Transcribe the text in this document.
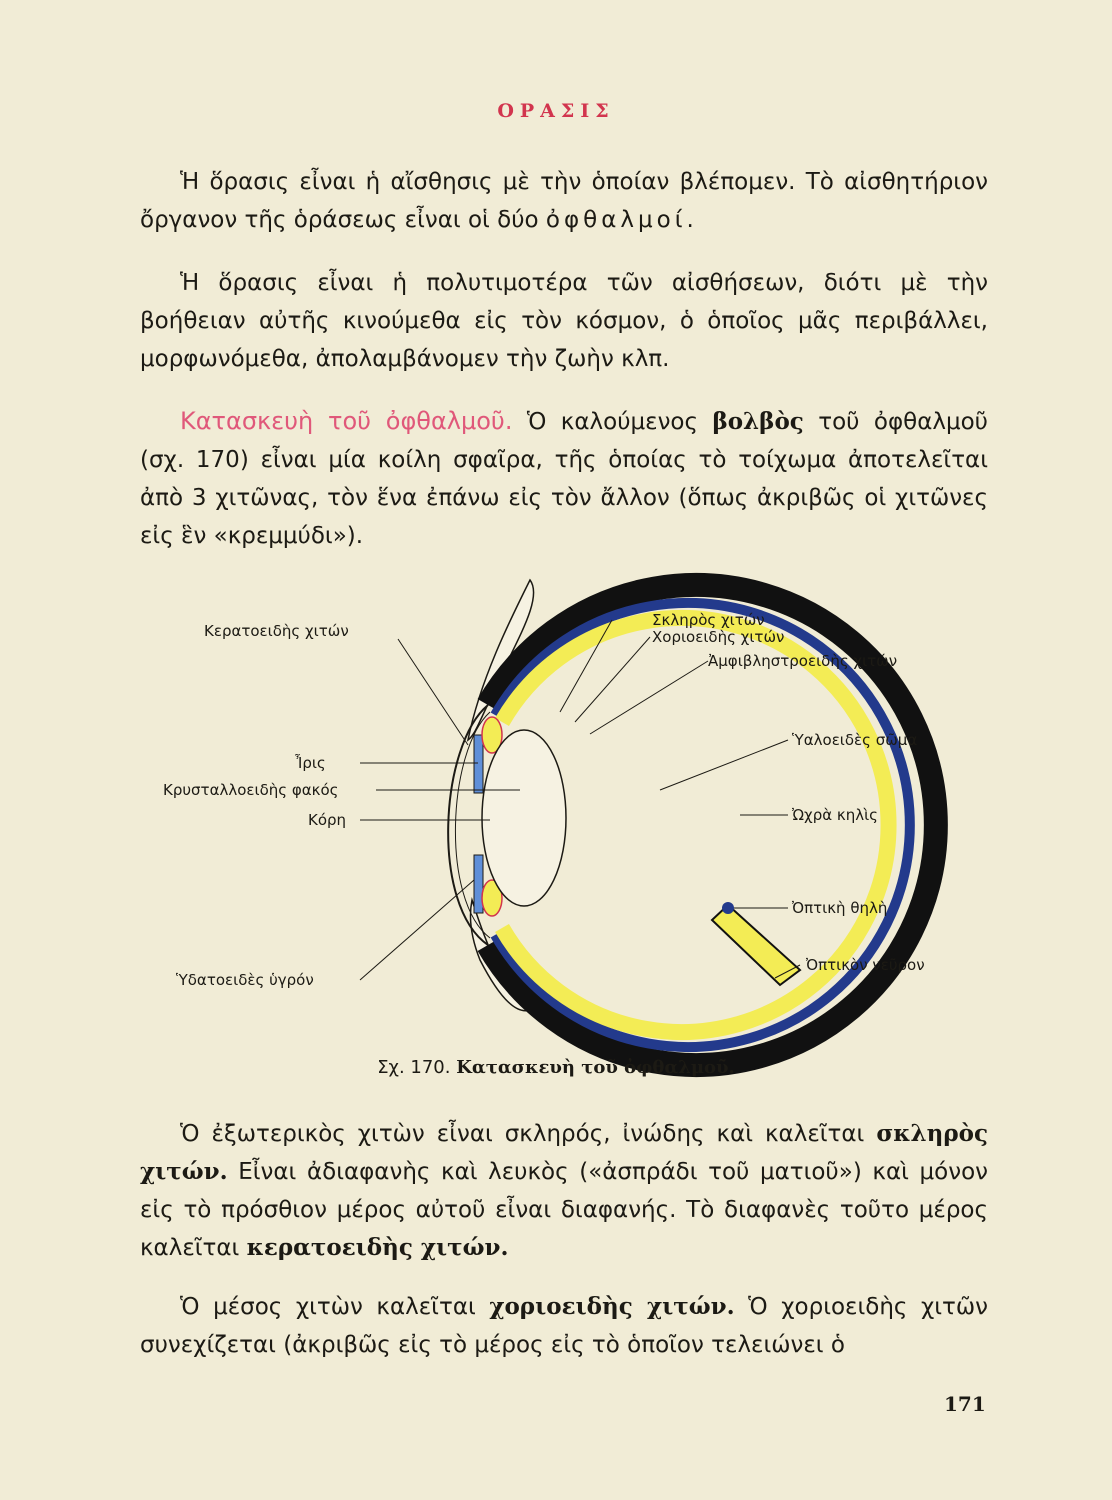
ΟΡΑΣΙΣ

Ἡ ὅρασις εἶναι ἡ αἴσθησις μὲ τὴν ὁποίαν βλέπομεν. Τὸ αἰσθητήριον ὄργανον τῆς ὁράσεως εἶναι οἱ δύο ὀφθαλμοί.

Ἡ ὅρασις εἶναι ἡ πολυτιμοτέρα τῶν αἰσθήσεων, διότι μὲ τὴν βοήθειαν αὐτῆς κινούμεθα εἰς τὸν κόσμον, ὁ ὁποῖος μᾶς περιβάλλει, μορφωνόμεθα, ἀπολαμβάνομεν τὴν ζωὴν κλπ.

Κατασκευὴ τοῦ ὀφθαλμοῦ. Ὁ καλούμενος βολβὸς τοῦ ὀφθαλμοῦ (σχ. 170) εἶναι μία κοίλη σφαῖρα, τῆς ὁποίας τὸ τοίχωμα ἀποτελεῖται ἀπὸ 3 χιτῶνας, τὸν ἕνα ἐπάνω εἰς τὸν ἄλλον (ὅπως ἀκριβῶς οἱ χιτῶνες εἰς ἓν «κρεμμύδι»).

Κερατοειδὴς χιτών
Ἶρις
Κρυσταλλοειδὴς φακός
Κόρη
Ὑδατοειδὲς ὑγρόν
Σκληρὸς χιτών
Χοριοειδὴς χιτών
Ἀμφιβληστροειδὴς χιτών
Ὑαλοειδὲς σῶμα
Ὠχρὰ κηλὶς
Ὀπτικὴ θηλὴ
Ὀπτικὸν νεῦρον
Σχ. 170. Κατασκευὴ τοῦ ὀφθαλμοῦ.

Ὁ ἐξωτερικὸς χιτὼν εἶναι σκληρός, ἰνώδης καὶ καλεῖται σκληρὸς χιτών. Εἶναι ἀδιαφανὴς καὶ λευκὸς («ἀσπράδι τοῦ ματιοῦ») καὶ μόνον εἰς τὸ πρόσθιον μέρος αὐτοῦ εἶναι διαφανής. Τὸ διαφανὲς τοῦτο μέρος καλεῖται κερατοειδὴς χιτών.

Ὁ μέσος χιτὼν καλεῖται χοριοειδὴς χιτών. Ὁ χοριοειδὴς χιτῶν συνεχίζεται (ἀκριβῶς εἰς τὸ μέρος εἰς τὸ ὁποῖον τελειώνει ὁ

171
